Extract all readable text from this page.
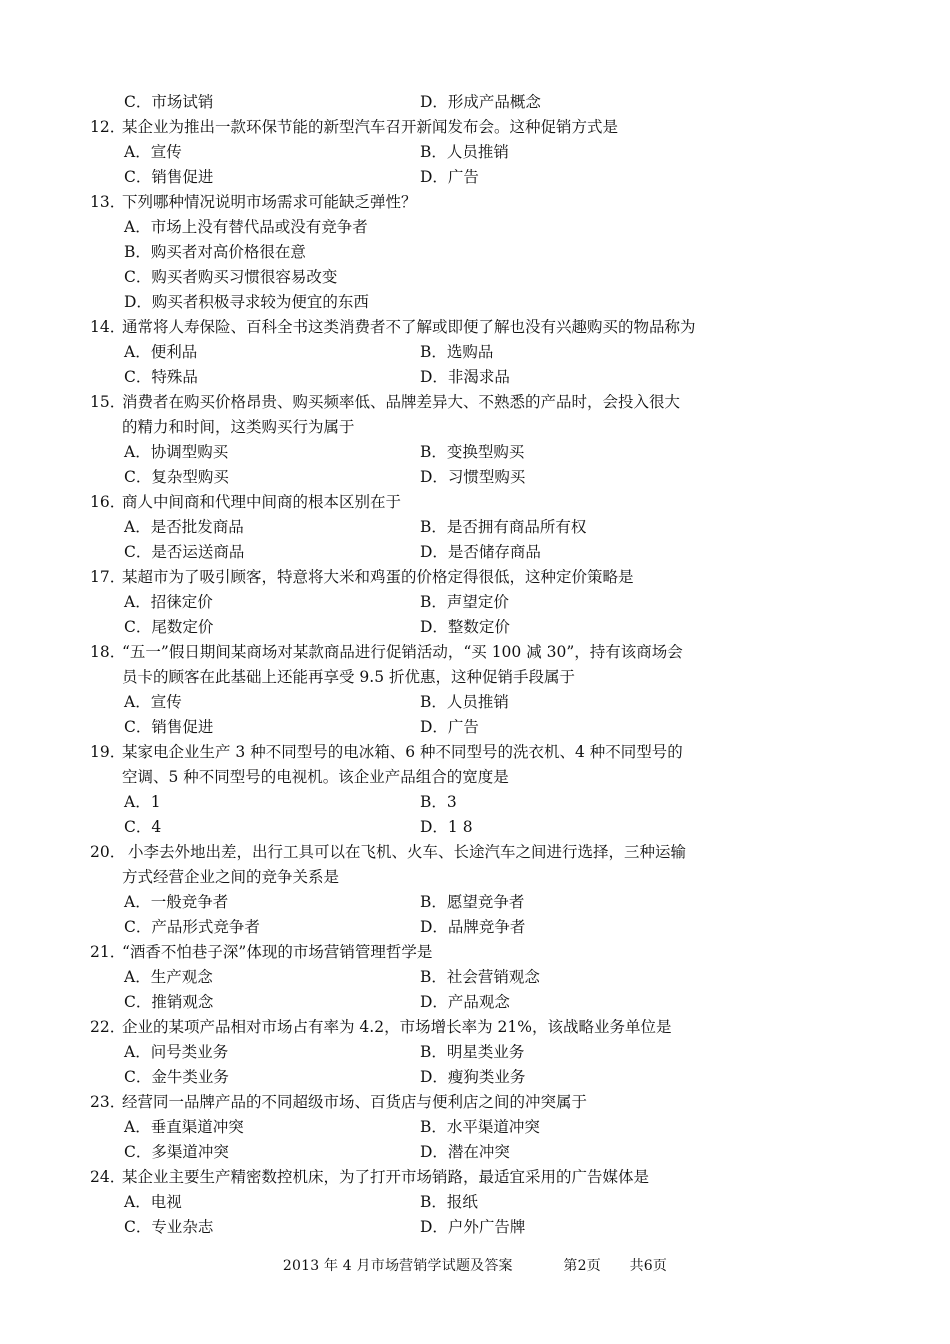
C．市场试销	D．形成产品概念
12．某企业为推出一款环保节能的新型汽车召开新闻发布会。这种促销方式是
A．宣传	B．人员推销
C．销售促进	D．广告
13．下列哪种情况说明市场需求可能缺乏弹性？
A．市场上没有替代品或没有竞争者
B．购买者对高价格很在意
C．购买者购买习惯很容易改变
D．购买者积极寻求较为便宜的东西
14．通常将人寿保险、百科全书这类消费者不了解或即便了解也没有兴趣购买的物品称为
A．便利品	B．选购品
C．特殊品	D．非渴求品
15．消费者在购买价格昂贵、购买频率低、品牌差异大、不熟悉的产品时，会投入很大
的精力和时间，这类购买行为属于
A．协调型购买	B．变换型购买
C．复杂型购买	D．习惯型购买
16．商人中间商和代理中间商的根本区别在于
A．是否批发商品	B．是否拥有商品所有权
C．是否运送商品	D．是否储存商品
17．某超市为了吸引顾客，特意将大米和鸡蛋的价格定得很低，这种定价策略是
A．招徕定价	B．声望定价
C．尾数定价	D．整数定价
18．“五一”假日期间某商场对某款商品进行促销活动，“买 100 减 30”，持有该商场会
员卡的顾客在此基础上还能再享受 9.5 折优惠，这种促销手段属于
A．宣传	B．人员推销
C．销售促进	D．广告
19．某家电企业生产 3 种不同型号的电冰箱、6 种不同型号的洗衣机、4 种不同型号的
空调、5 种不同型号的电视机。该企业产品组合的宽度是
A．1	B．3
C．4	D．1 8
20． 小李去外地出差，出行工具可以在飞机、火车、长途汽车之间进行选择，三种运输
方式经营企业之间的竞争关系是
A．一般竞争者	B．愿望竞争者
C．产品形式竞争者	D．品牌竞争者
21．“酒香不怕巷子深”体现的市场营销管理哲学是
A．生产观念	B．社会营销观念
C．推销观念	D．产品观念
22．企业的某项产品相对市场占有率为 4.2，市场增长率为 21%，该战略业务单位是
A．问号类业务	B．明星类业务
C．金牛类业务	D．瘦狗类业务
23．经营同一品牌产品的不同超级市场、百货店与便利店之间的冲突属于
A．垂直渠道冲突	B．水平渠道冲突
C．多渠道冲突	D．潜在冲突
24．某企业主要生产精密数控机床，为了打开市场销路，最适宜采用的广告媒体是
A．电视	B．报纸
C．专业杂志	D．户外广告牌
2013 年 4 月市场营销学试题及答案	第2页 共6页
